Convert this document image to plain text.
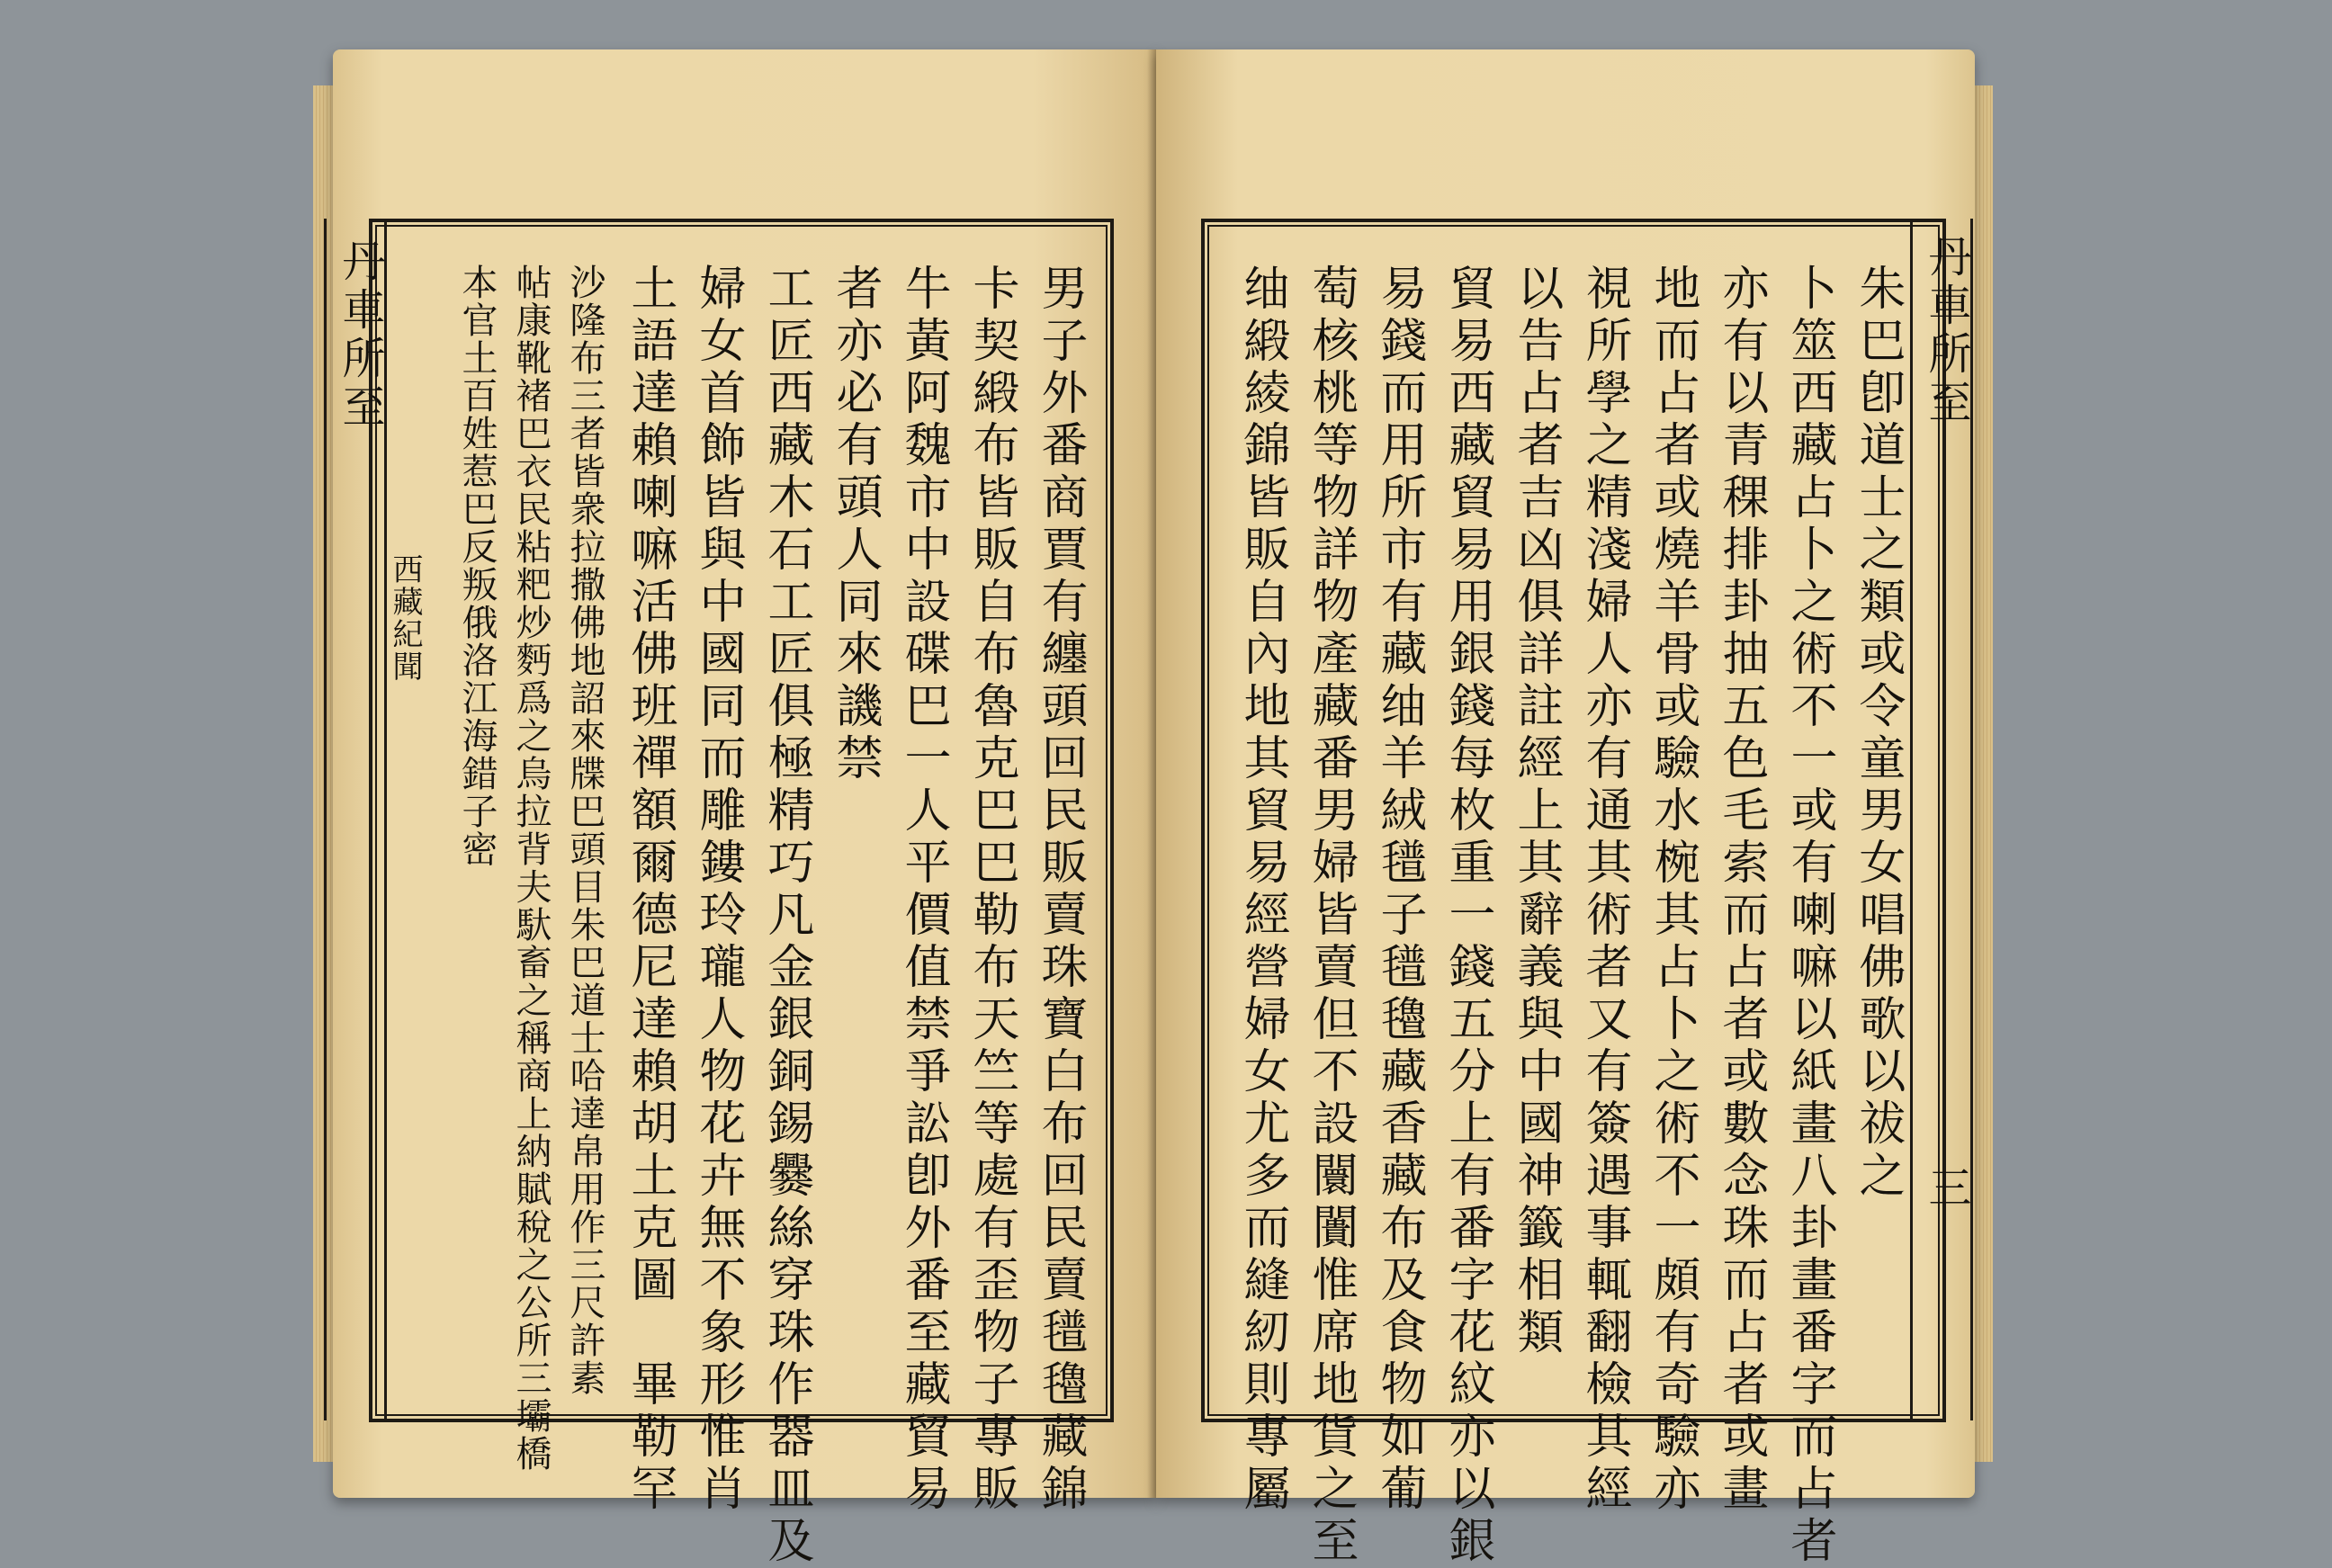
丹車所至
西藏紀聞	男子外番商賈有纏頭回民販賣珠寶白布回民賣氆氌藏錦
卡契緞布皆販自布魯克巴巴勒布天竺等處有歪物子專販
牛黃阿魏市中設碟巴一人平價值禁爭訟卽外番至藏貿易
者亦必有頭人同來譏禁
工匠西藏木石工匠俱極精巧凡金銀銅錫爨絲穿珠作器皿及
婦女首飾皆與中國同而雕鏤玲瓏人物花卉無不象形惟肖
土語達賴喇嘛活佛班禪額爾德尼達賴胡土克圖　畢勒罕
沙隆布三者皆衆拉撒佛地詔來牒巴頭目朱巴道士哈達帛用作三尺許素
帖康靴褚巴衣民粘粑炒麪爲之烏拉背夫馱畜之稱商上納賦稅之公所三壩橋
本官土百姓惹巴反叛俄洛江海錯子密	丹車所至
三
朱巴卽道士之類或令童男女唱佛歌以祓之
卜筮西藏占卜之術不一或有喇嘛以紙畫八卦畫番字而占者
亦有以青稞排卦抽五色毛索而占者或數念珠而占者或畫
地而占者或燒羊骨或驗水椀其占卜之術不一頗有奇驗亦
視所學之精淺婦人亦有通其術者又有簽遇事輒翻檢其經
以告占者吉凶俱詳註經上其辭義與中國神籤相類
貿易西藏貿易用銀錢每枚重一錢五分上有番字花紋亦以銀
易錢而用所市有藏䌷羊絨氆子氆氌藏香藏布及食物如葡
萄核桃等物詳物產藏番男婦皆賣但不設闤闠惟席地貨之至
䌷緞綾錦皆販自內地其貿易經營婦女尤多而縫紉則專屬
